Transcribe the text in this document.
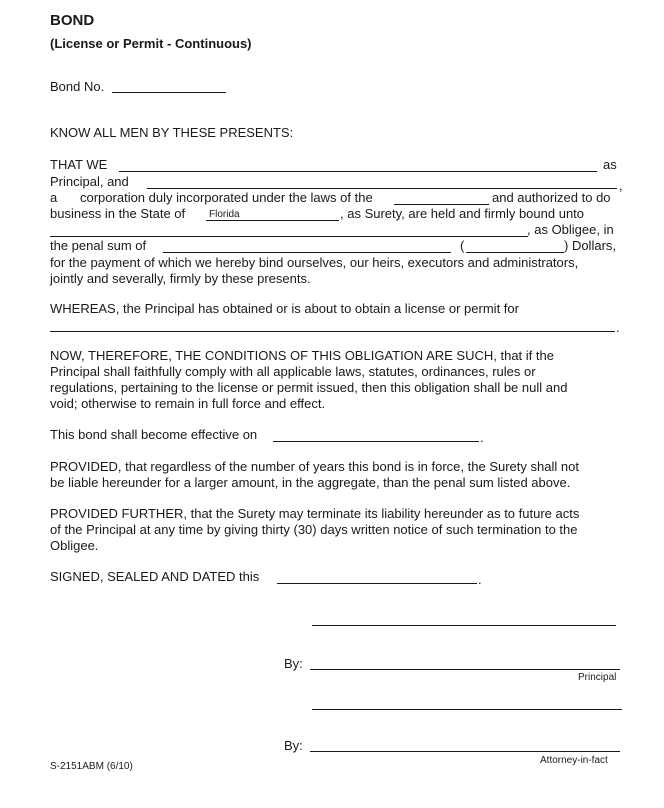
BOND
(License or Permit - Continuous)
Bond No.
KNOW ALL MEN BY THESE PRESENTS:
THAT WE	as
Principal, and	,
a corporation duly incorporated under the laws of the	and authorized to do
business in the State of Florida	, as Surety, are held and firmly bound unto
, as Obligee, in
the penal sum of	(	) Dollars,
for the payment of which we hereby bind ourselves, our heirs, executors and administrators,
jointly and severally, firmly by these presents.
WHEREAS, the Principal has obtained or is about to obtain a license or permit for
.
NOW, THEREFORE, THE CONDITIONS OF THIS OBLIGATION ARE SUCH, that if the
Principal shall faithfully comply with all applicable laws, statutes, ordinances, rules or
regulations, pertaining to the license or permit issued, then this obligation shall be null and
void; otherwise to remain in full force and effect.
This bond shall become effective on	.
PROVIDED, that regardless of the number of years this bond is in force, the Surety shall not
be liable hereunder for a larger amount, in the aggregate, than the penal sum listed above.
PROVIDED FURTHER, that the Surety may terminate its liability hereunder as to future acts
of the Principal at any time by giving thirty (30) days written notice of such termination to the
Obligee.
SIGNED, SEALED AND DATED this	.
By:
Principal
By:
Attorney-in-fact
S-2151ABM (6/10)
